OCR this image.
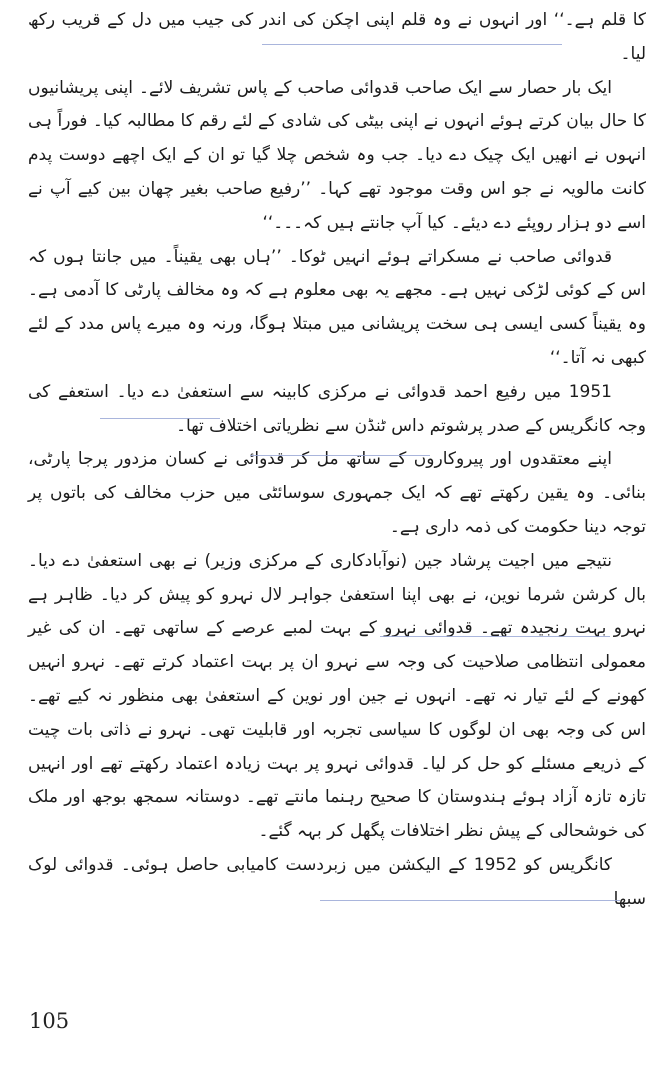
کا قلم ہے۔‘‘ اور انہوں نے وہ قلم اپنی اچکن کی اندر کی جیب میں دل کے قریب رکھ لیا۔

ایک بار حصار سے ایک صاحب قدوائی صاحب کے پاس تشریف لائے۔ اپنی پریشانیوں کا حال بیان کرتے ہوئے انہوں نے اپنی بیٹی کی شادی کے لئے رقم کا مطالبہ کیا۔ فوراً ہی انہوں نے انھیں ایک چیک دے دیا۔ جب وہ شخص چلا گیا تو ان کے ایک اچھے دوست پدم کانت مالویہ نے جو اس وقت موجود تھے کہا۔ ’’رفیع صاحب بغیر چھان بین کیے آپ نے اسے دو ہزار روپئے دے دیئے۔ کیا آپ جانتے ہیں کہ۔۔۔‘‘

قدوائی صاحب نے مسکراتے ہوئے انہیں ٹوکا۔ ’’ہاں بھی یقیناً۔ میں جانتا ہوں کہ اس کے کوئی لڑکی نہیں ہے۔ مجھے یہ بھی معلوم ہے کہ وہ مخالف پارٹی کا آدمی ہے۔ وہ یقیناً کسی ایسی ہی سخت پریشانی میں مبتلا ہوگا، ورنہ وہ میرے پاس مدد کے لئے کبھی نہ آتا۔‘‘

1951 میں رفیع احمد قدوائی نے مرکزی کابینہ سے استعفیٰ دے دیا۔ استعفے کی وجہ کانگریس کے صدر پرشوتم داس ٹنڈن سے نظریاتی اختلاف تھا۔

اپنے معتقدوں اور پیروکاروں کے ساتھ مل کر قدوائی نے کسان مزدور پرجا پارٹی، بنائی۔ وہ یقین رکھتے تھے کہ ایک جمہوری سوسائٹی میں حزب مخالف کی باتوں پر توجہ دینا حکومت کی ذمہ داری ہے۔

نتیجے میں اجیت پرشاد جین (نوآبادکاری کے مرکزی وزیر) نے بھی استعفیٰ دے دیا۔ بال کرشن شرما نوین، نے بھی اپنا استعفیٰ جواہر لال نہرو کو پیش کر دیا۔ ظاہر ہے نہرو بہت رنجیدہ تھے۔ قدوائی نہرو کے بہت لمبے عرصے کے ساتھی تھے۔ ان کی غیر معمولی انتظامی صلاحیت کی وجہ سے نہرو ان پر بہت اعتماد کرتے تھے۔ نہرو انہیں کھونے کے لئے تیار نہ تھے۔ انہوں نے جین اور نوین کے استعفیٰ بھی منظور نہ کیے تھے۔ اس کی وجہ بھی ان لوگوں کا سیاسی تجربہ اور قابلیت تھی۔ نہرو نے ذاتی بات چیت کے ذریعے مسئلے کو حل کر لیا۔ قدوائی نہرو پر بہت زیادہ اعتماد رکھتے تھے اور انہیں تازہ تازہ آزاد ہوئے ہندوستان کا صحیح رہنما مانتے تھے۔ دوستانہ سمجھ بوجھ اور ملک کی خوشحالی کے پیش نظر اختلافات پگھل کر بہہ گئے۔

کانگریس کو 1952 کے الیکشن میں زبردست کامیابی حاصل ہوئی۔ قدوائی لوک سبھا

105
